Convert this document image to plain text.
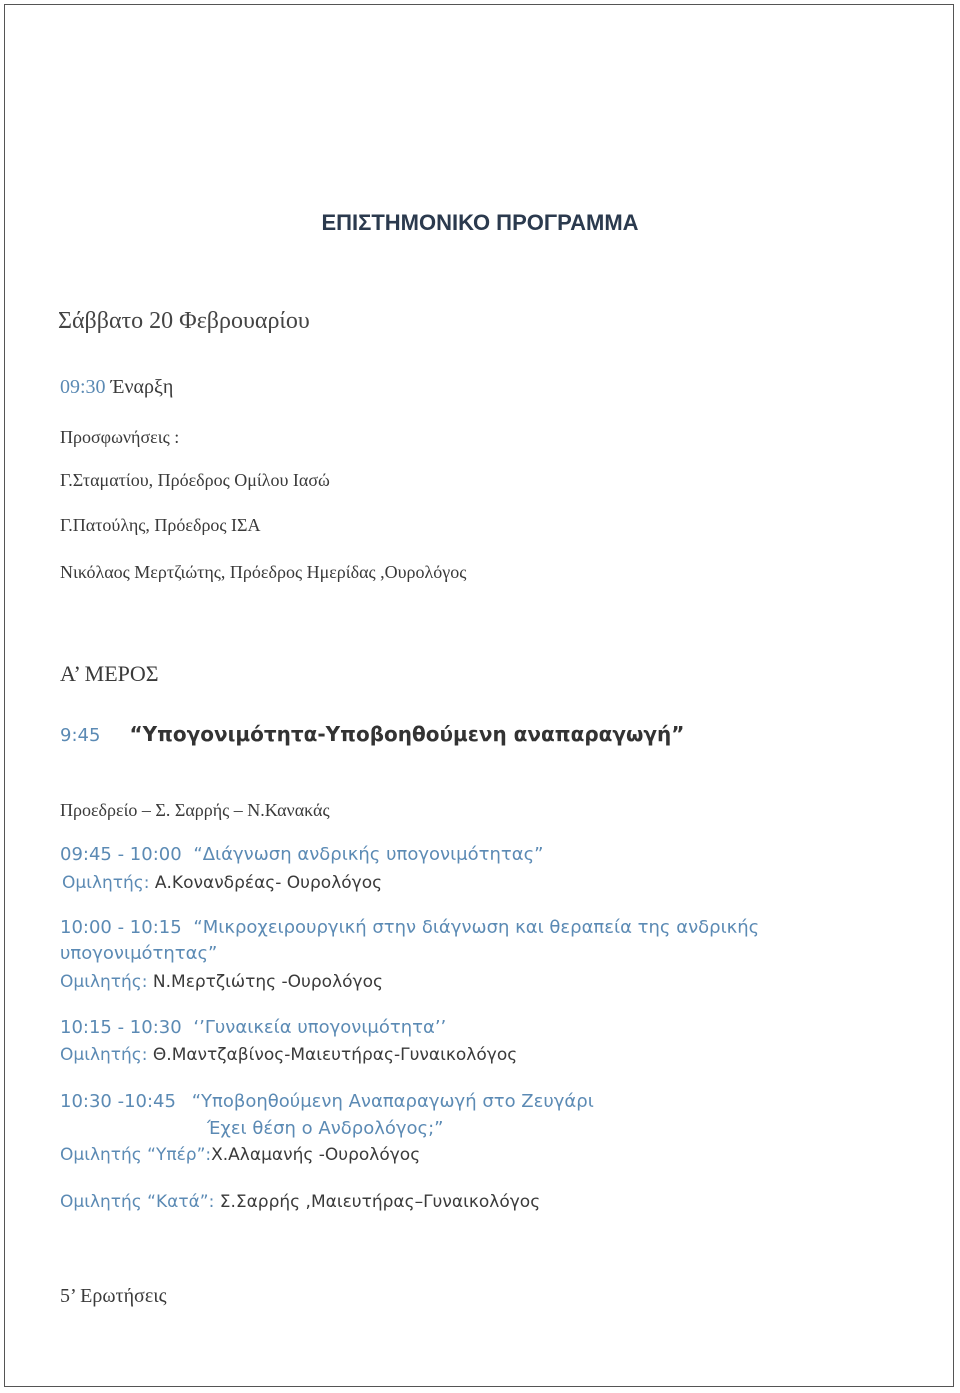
ΕΠΙΣΤΗΜΟΝΙΚΟ ΠΡΟΓΡΑΜΜΑ
Σάββατο 20 Φεβρουαρίου
09:30 Έναρξη
Προσφωνήσεις :
Γ.Σταματίου, Πρόεδρος Ομίλου Ιασώ
Γ.Πατούλης, Πρόεδρος ΙΣΑ
Νικόλαος Μερτζιώτης, Πρόεδρος Ημερίδας ,Ουρολόγος
Α’ ΜΕΡΟΣ
9:45 “Υπογονιμότητα-Υποβοηθούμενη αναπαραγωγή”
Προεδρείο – Σ. Σαρρής – Ν.Κανακάς
09:45 - 10:00 “Διάγνωση ανδρικής υπογονιμότητας”
Ομιλητής: Α.Κονανδρέας- Ουρολόγος
10:00 - 10:15 “Μικροχειρουργική στην διάγνωση και θεραπεία της ανδρικής
υπογονιμότητας”
Ομιλητής: Ν.Μερτζιώτης -Ουρολόγος
10:15 - 10:30 ‘’Γυναικεία υπογονιμότητα’’
Ομιλητής: Θ.Μαντζαβίνος-Μαιευτήρας-Γυναικολόγος
10:30 -10:45 “Υποβοηθούμενη Αναπαραγωγή στο Ζευγάρι
Έχει θέση ο Ανδρολόγος;”
Ομιλητής “Υπέρ”:Χ.Αλαμανής -Ουρολόγος
Ομιλητής “Κατά”: Σ.Σαρρής ,Μαιευτήρας–Γυναικολόγος
5’ Ερωτήσεις
